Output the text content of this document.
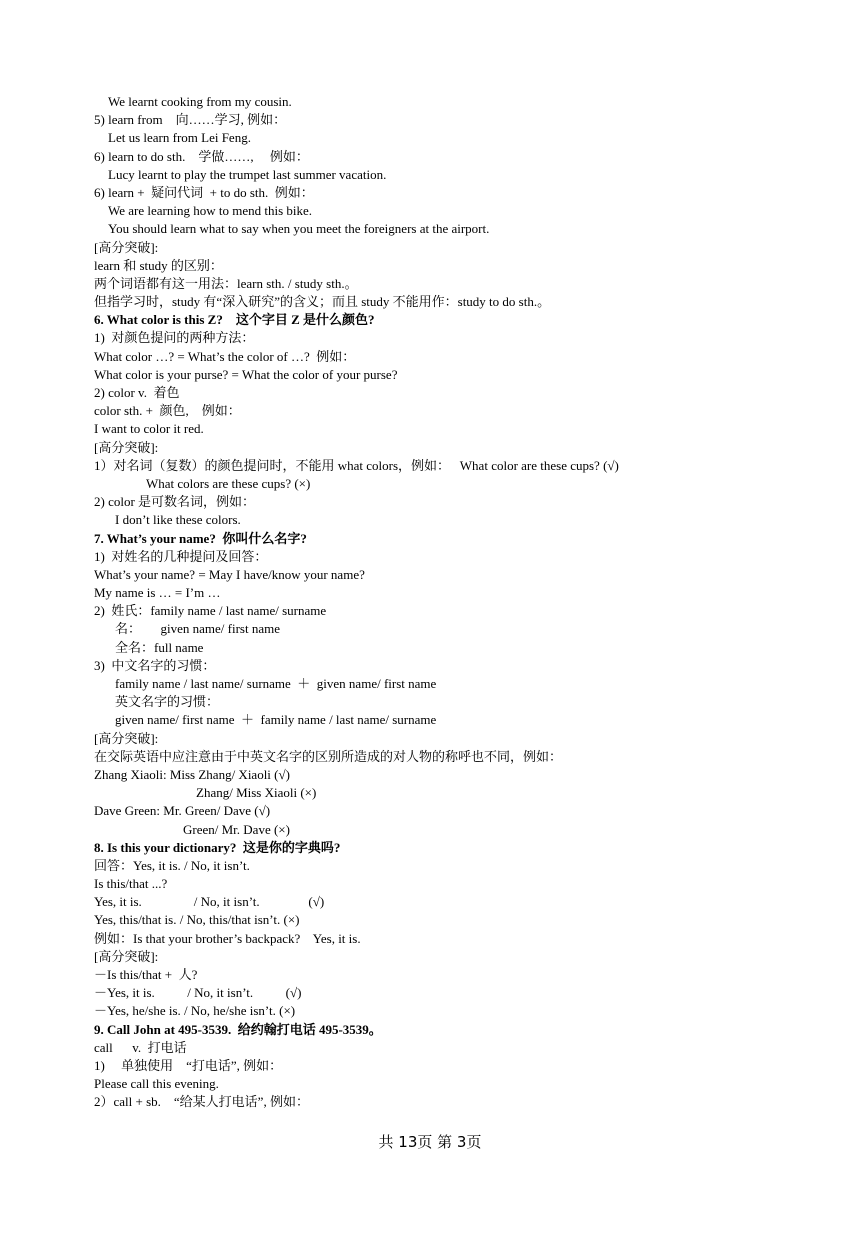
We learnt cooking from my cousin.
5) learn from    向……学习, 例如：
Let us learn from Lei Feng.
6) learn to do sth.    学做……,     例如：
Lucy learnt to play the trumpet last summer vacation.
6) learn +  疑问代词  + to do sth.  例如：
We are learning how to mend this bike.
You should learn what to say when you meet the foreigners at the airport.
[高分突破]:
learn 和 study 的区别：
两个词语都有这一用法：learn sth. / study sth.。
但指学习时，study 有“深入研究”的含义；而且 study 不能用作：study to do sth.。
6. What color is this Z?    这个字目 Z 是什么颜色?
1)  对颜色提问的两种方法：
What color …? = What’s the color of …?  例如：
What color is your purse? = What the color of your purse?
2) color v.  着色
color sth. +  颜色,    例如：
I want to color it red.
[高分突破]:
1）对名词（复数）的颜色提问时，不能用 what colors，例如：   What color are these cups? (√)
What colors are these cups? (×)
2) color 是可数名词，例如：
I don’t like these colors.
7. What’s your name?  你叫什么名字?
1)  对姓名的几种提问及回答：
What’s your name? = May I have/know your name?
My name is … = I’m …
2)  姓氏：family name / last name/ surname
名：      given name/ first name
全名：full name
3)  中文名字的习惯：
family name / last name/ surname  ＋  given name/ first name
英文名字的习惯：
given name/ first name  ＋  family name / last name/ surname
[高分突破]:
在交际英语中应注意由于中英文名字的区别所造成的对人物的称呼也不同，例如：
Zhang Xiaoli: Miss Zhang/ Xiaoli (√)
Zhang/ Miss Xiaoli (×)
Dave Green: Mr. Green/ Dave (√)
Green/ Mr. Dave (×)
8. Is this your dictionary?  这是你的字典吗?
回答：Yes, it is. / No, it isn’t.
Is this/that ...?
Yes, it is.                / No, it isn’t.               (√)
Yes, this/that is. / No, this/that isn’t. (×)
例如：Is that your brother’s backpack?    Yes, it is.
[高分突破]:
－Is this/that +  人?
－Yes, it is.          / No, it isn’t.          (√)
－Yes, he/she is. / No, he/she isn’t. (×)
9. Call John at 495-3539.  给约翰打电话 495-3539。
call      v.  打电话
1)     单独使用    “打电话”, 例如：
Please call this evening.
2）call + sb.    “给某人打电话”, 例如：
共 13页 第 3页
